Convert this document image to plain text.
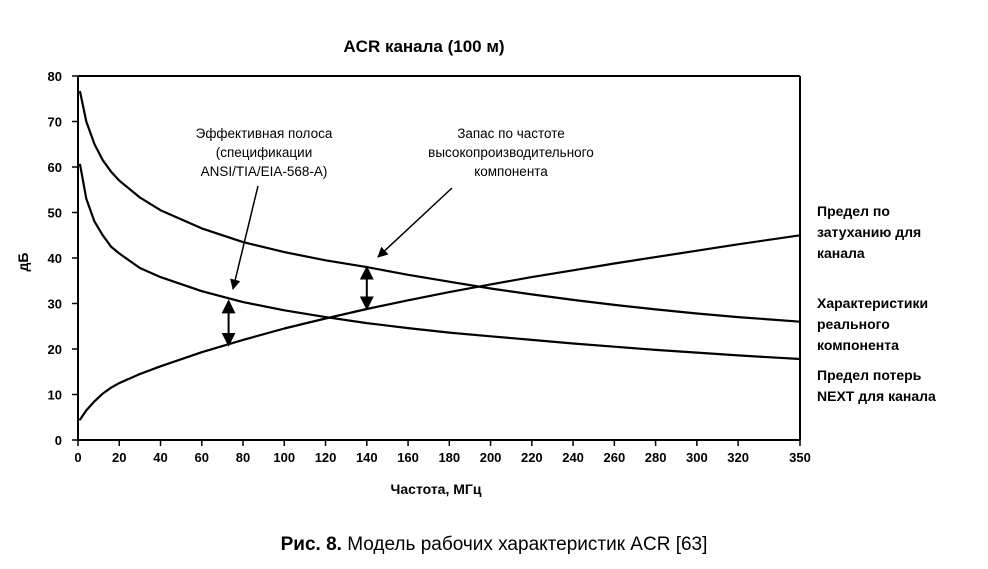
ACR канала (100 м)
0
10
20
30
40
50
60
70
80
0 20 40 60 80 100 120 140 160 180 200 220 240 260 280 300 320	350
дБ
Частота, МГц
Эффективная полоса
(спецификации
ANSI/TIA/EIA-568-A)
Запас по частоте
высокопроизводительного
компонента
Предел по
затуханию для
канала
Характеристики
реального
компонента
Предел потерь
NEXT для канала
Рис. 8. Модель рабочих характеристик ACR [63]
